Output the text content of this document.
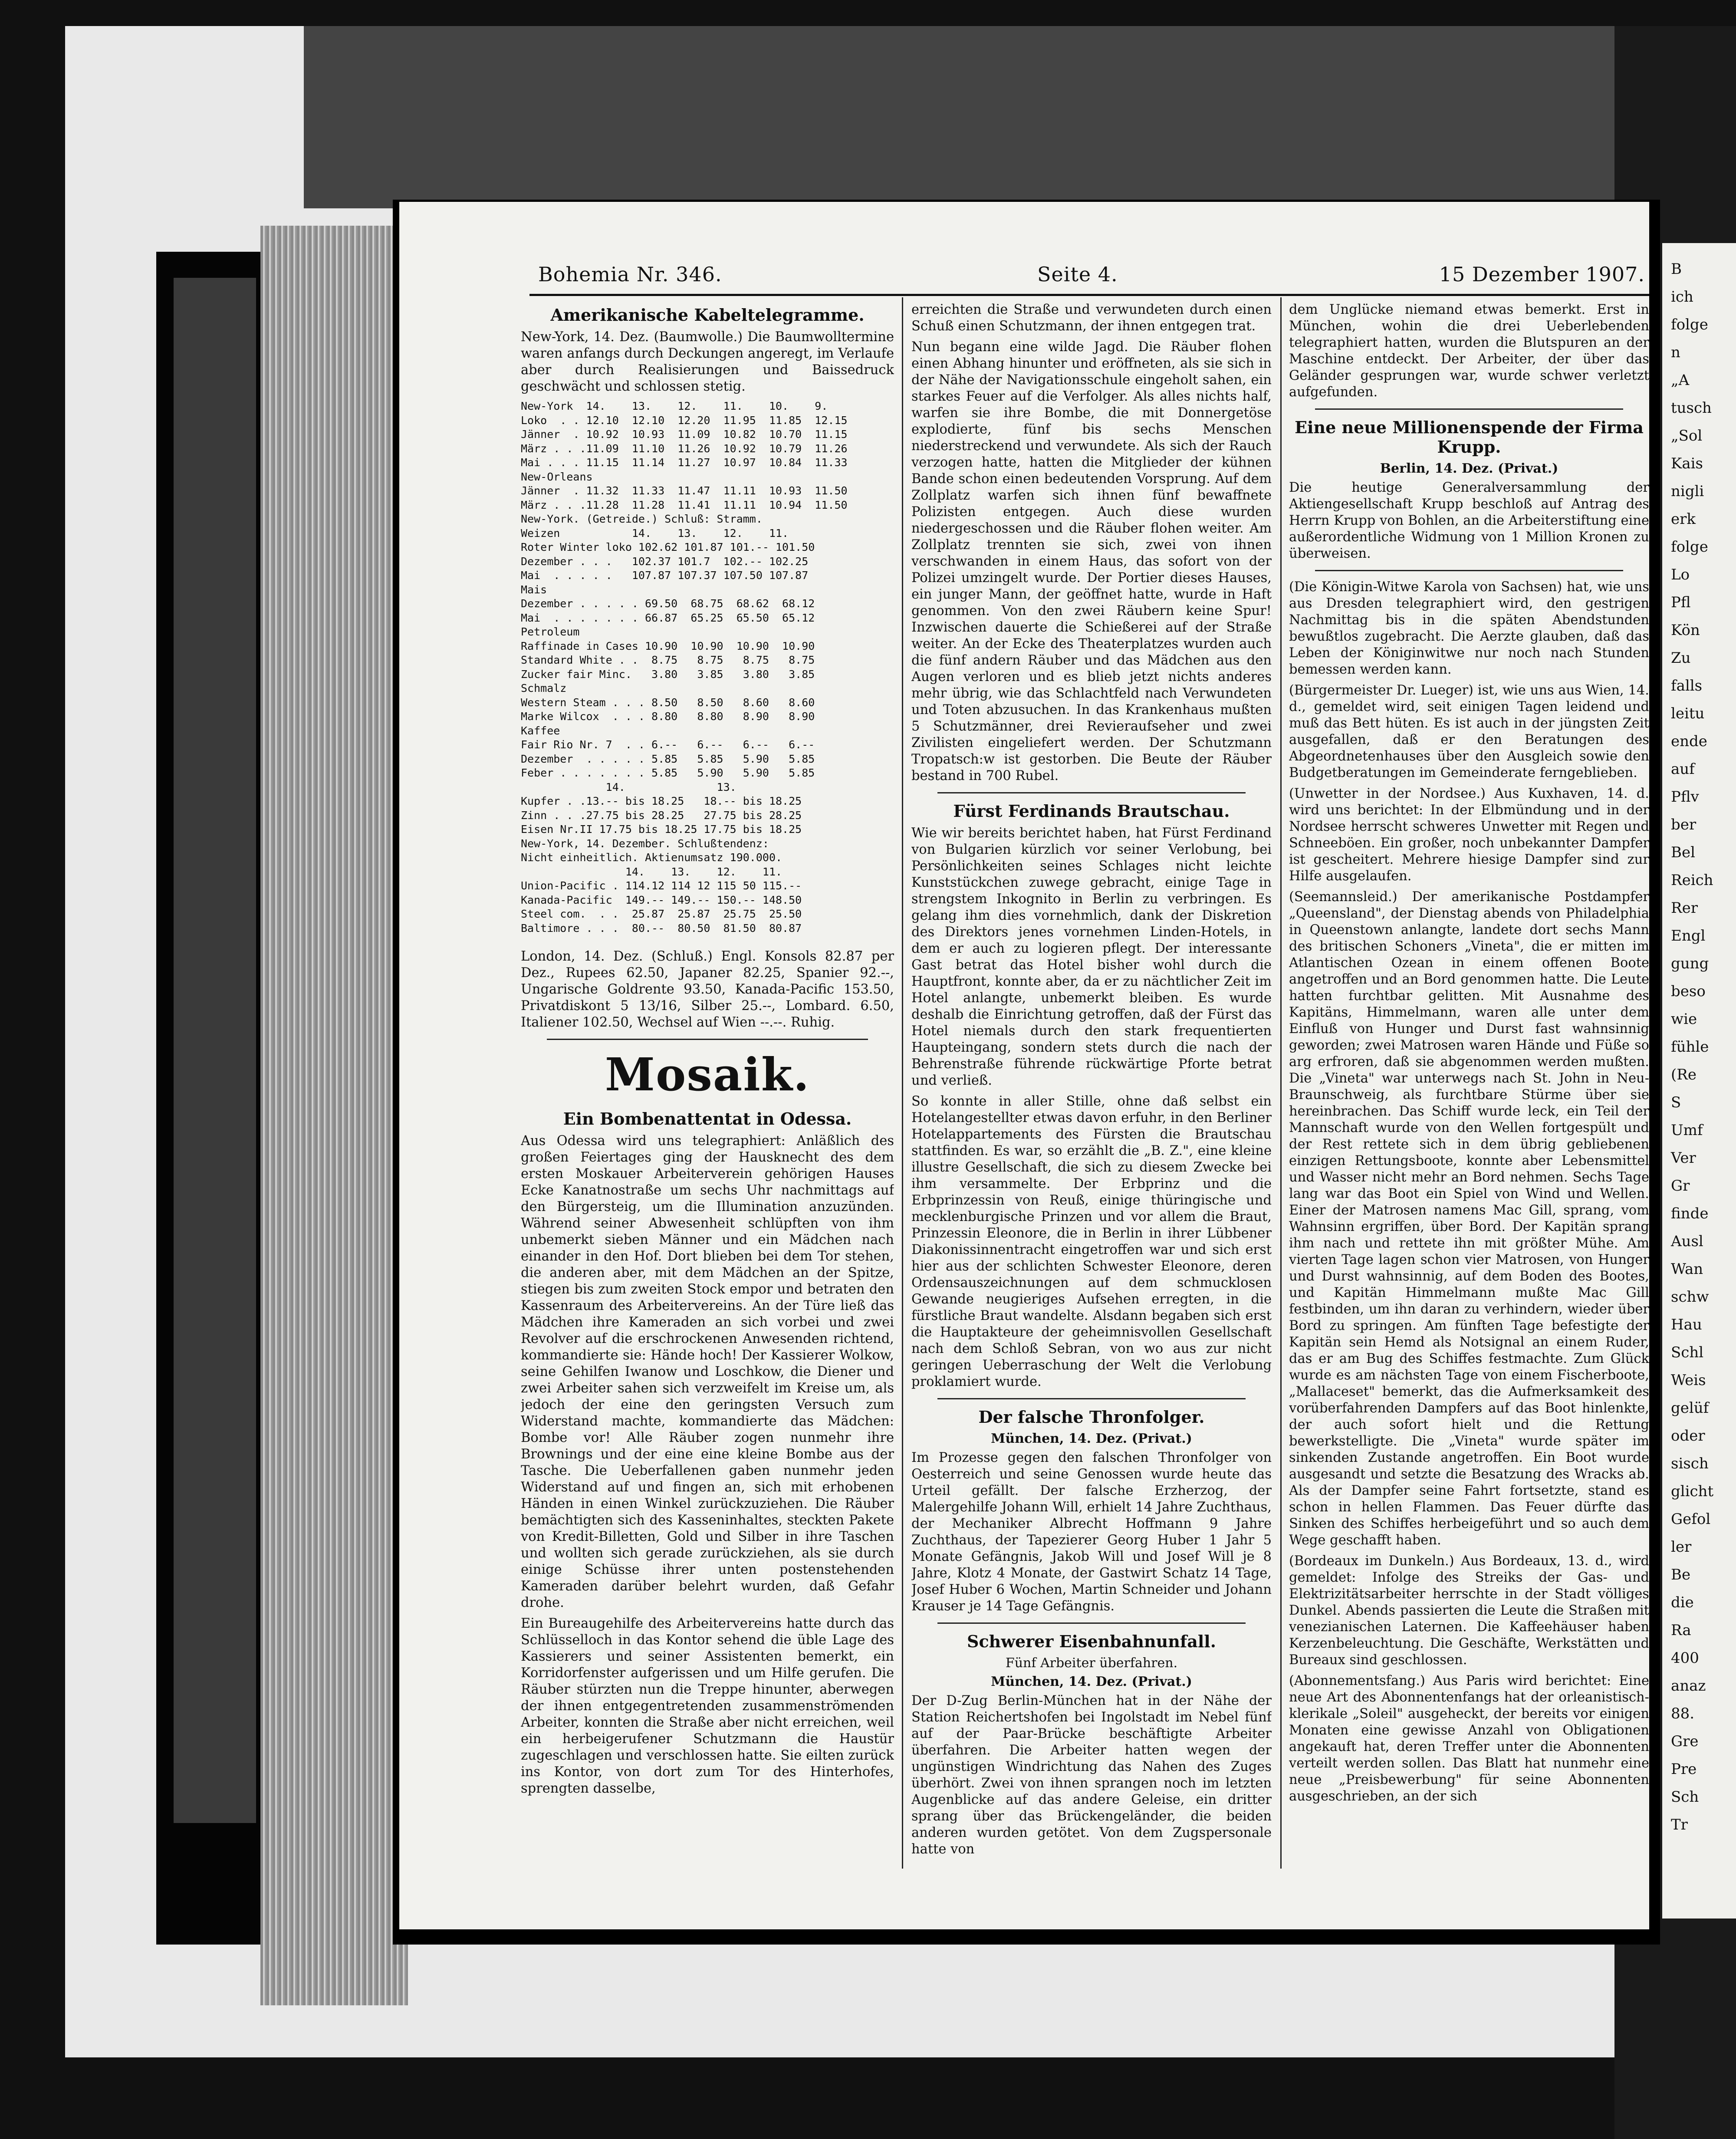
B
ich
folge
n
„A
tusch
„Sol
Kais
nigli
erk
folge
Lo
Pfl
Kön
Zu
falls
leitu
ende
auf
Pflv
ber
Bel
Reich
Rer
Engl
gung
beso
wie
fühle
(Re
S
Umf
Ver
Gr
finde
Ausl
Wan
schw
Hau
Schl
Weis
gelüf
oder
sisch
glicht
Gefol
ler
Be
die
Ra
400
anaz
88.
Gre
Pre
Sch
Tr
Bohemia Nr. 346.	Seite 4.	15 Dezember 1907.
Amerikanische Kabeltelegramme.

New-York, 14. Dez. (Baumwolle.) Die Baumwolltermine waren anfangs durch Deckungen angeregt, im Verlaufe aber durch Realisierungen und Baissedruck geschwächt und schlossen stetig.

New-York  14.    13.    12.    11.    10.    9.
Loko  . . 12.10  12.10  12.20  11.95  11.85  12.15
Jänner  . 10.92  10.93  11.09  10.82  10.70  11.15
März . . .11.09  11.10  11.26  10.92  10.79  11.26
Mai . . . 11.15  11.14  11.27  10.97  10.84  11.33
New-Orleans
Jänner  . 11.32  11.33  11.47  11.11  10.93  11.50
März . . .11.28  11.28  11.41  11.11  10.94  11.50
New-York. (Getreide.) Schluß: Stramm.
Weizen           14.    13.    12.    11.
Roter Winter loko 102.62 101.87 101.-- 101.50
Dezember . . .   102.37 101.7  102.-- 102.25
Mai  . . . . .   107.87 107.37 107.50 107.87
Mais
Dezember . . . . . 69.50  68.75  68.62  68.12
Mai  . . . . . . . 66.87  65.25  65.50  65.12
Petroleum
Raffinade in Cases 10.90  10.90  10.90  10.90
Standard White . .  8.75   8.75   8.75   8.75
Zucker fair Minc.   3.80   3.85   3.80   3.85
Schmalz
Western Steam . . . 8.50   8.50   8.60   8.60
Marke Wilcox  . . . 8.80   8.80   8.90   8.90
Kaffee
Fair Rio Nr. 7  . . 6.--   6.--   6.--   6.--
Dezember  . . . . . 5.85   5.85   5.90   5.85
Feber . . . . . . . 5.85   5.90   5.90   5.85
14.              13.
Kupfer . .13.-- bis 18.25   18.-- bis 18.25
Zinn . . .27.75 bis 28.25   27.75 bis 28.25
Eisen Nr.II 17.75 bis 18.25 17.75 bis 18.25
New-York, 14. Dezember. Schlußtendenz:
Nicht einheitlich. Aktienumsatz 190.000.
14.    13.    12.    11.
Union-Pacific . 114.12 114 12 115 50 115.--
Kanada-Pacific  149.-- 149.-- 150.-- 148.50
Steel com.  . .  25.87  25.87  25.75  25.50
Baltimore . . .  80.--  80.50  81.50  80.87

London, 14. Dez. (Schluß.) Engl. Konsols 82.87 per Dez., Rupees 62.50, Japaner 82.25, Spanier 92.--, Ungarische Goldrente 93.50, Kanada-Pacific 153.50, Privatdiskont 5 13/16, Silber 25.--, Lombard. 6.50, Italiener 102.50, Wechsel auf Wien --.--. Ruhig.

Mosaik.
Ein Bombenattentat in Odessa.

Aus Odessa wird uns telegraphiert: Anläßlich des großen Feiertages ging der Hausknecht des dem ersten Moskauer Arbeiterverein gehörigen Hauses Ecke Kanatnostraße um sechs Uhr nachmittags auf den Bürgersteig, um die Illumination anzuzünden. Während seiner Abwesenheit schlüpften von ihm unbemerkt sieben Männer und ein Mädchen nach einander in den Hof. Dort blieben bei dem Tor stehen, die anderen aber, mit dem Mädchen an der Spitze, stiegen bis zum zweiten Stock empor und betraten den Kassenraum des Arbeitervereins. An der Türe ließ das Mädchen ihre Kameraden an sich vorbei und zwei Revolver auf die erschrockenen Anwesenden richtend, kommandierte sie: Hände hoch! Der Kassierer Wolkow, seine Gehilfen Iwanow und Loschkow, die Diener und zwei Arbeiter sahen sich verzweifelt im Kreise um, als jedoch der eine den geringsten Versuch zum Widerstand machte, kommandierte das Mädchen: Bombe vor! Alle Räuber zogen nunmehr ihre Brownings und der eine eine kleine Bombe aus der Tasche. Die Ueberfallenen gaben nunmehr jeden Widerstand auf und fingen an, sich mit erhobenen Händen in einen Winkel zurückzuziehen. Die Räuber bemächtigten sich des Kasseninhaltes, steckten Pakete von Kredit-Billetten, Gold und Silber in ihre Taschen und wollten sich gerade zurückziehen, als sie durch einige Schüsse ihrer unten postenstehenden Kameraden darüber belehrt wurden, daß Gefahr drohe.

Ein Bureaugehilfe des Arbeitervereins hatte durch das Schlüsselloch in das Kontor sehend die üble Lage des Kassierers und seiner Assistenten bemerkt, ein Korridorfenster aufgerissen und um Hilfe gerufen. Die Räuber stürzten nun die Treppe hinunter, aberwegen der ihnen entgegentretenden zusammenströmenden Arbeiter, konnten die Straße aber nicht erreichen, weil ein herbeigerufener Schutzmann die Haustür zugeschlagen und verschlossen hatte. Sie eilten zurück ins Kontor, von dort zum Tor des Hinterhofes, sprengten dasselbe,

erreichten die Straße und verwundeten durch einen Schuß einen Schutzmann, der ihnen entgegen trat.

Nun begann eine wilde Jagd. Die Räuber flohen einen Abhang hinunter und eröffneten, als sie sich in der Nähe der Navigationsschule eingeholt sahen, ein starkes Feuer auf die Verfolger. Als alles nichts half, warfen sie ihre Bombe, die mit Donnergetöse explodierte, fünf bis sechs Menschen niederstreckend und verwundete. Als sich der Rauch verzogen hatte, hatten die Mitglieder der kühnen Bande schon einen bedeutenden Vorsprung. Auf dem Zollplatz warfen sich ihnen fünf bewaffnete Polizisten entgegen. Auch diese wurden niedergeschossen und die Räuber flohen weiter. Am Zollplatz trennten sie sich, zwei von ihnen verschwanden in einem Haus, das sofort von der Polizei umzingelt wurde. Der Portier dieses Hauses, ein junger Mann, der geöffnet hatte, wurde in Haft genommen. Von den zwei Räubern keine Spur! Inzwischen dauerte die Schießerei auf der Straße weiter. An der Ecke des Theaterplatzes wurden auch die fünf andern Räuber und das Mädchen aus den Augen verloren und es blieb jetzt nichts anderes mehr übrig, wie das Schlachtfeld nach Verwundeten und Toten abzusuchen. In das Krankenhaus mußten 5 Schutzmänner, drei Revieraufseher und zwei Zivilisten eingeliefert werden. Der Schutzmann Tropatsch:w ist gestorben. Die Beute der Räuber bestand in 700 Rubel.

Fürst Ferdinands Brautschau.

Wie wir bereits berichtet haben, hat Fürst Ferdinand von Bulgarien kürzlich vor seiner Verlobung, bei Persönlichkeiten seines Schlages nicht leichte Kunststückchen zuwege gebracht, einige Tage in strengstem Inkognito in Berlin zu verbringen. Es gelang ihm dies vornehmlich, dank der Diskretion des Direktors jenes vornehmen Linden-Hotels, in dem er auch zu logieren pflegt. Der interessante Gast betrat das Hotel bisher wohl durch die Hauptfront, konnte aber, da er zu nächtlicher Zeit im Hotel anlangte, unbemerkt bleiben. Es wurde deshalb die Einrichtung getroffen, daß der Fürst das Hotel niemals durch den stark frequentierten Haupteingang, sondern stets durch die nach der Behrenstraße führende rückwärtige Pforte betrat und verließ.

So konnte in aller Stille, ohne daß selbst ein Hotelangestellter etwas davon erfuhr, in den Berliner Hotelappartements des Fürsten die Brautschau stattfinden. Es war, so erzählt die „B. Z.", eine kleine illustre Gesellschaft, die sich zu diesem Zwecke bei ihm versammelte. Der Erbprinz und die Erbprinzessin von Reuß, einige thüringische und mecklenburgische Prinzen und vor allem die Braut, Prinzessin Eleonore, die in Berlin in ihrer Lübbener Diakonissinnentracht eingetroffen war und sich erst hier aus der schlichten Schwester Eleonore, deren Ordensauszeichnungen auf dem schmucklosen Gewande neugieriges Aufsehen erregten, in die fürstliche Braut wandelte. Alsdann begaben sich erst die Hauptakteure der geheimnisvollen Gesellschaft nach dem Schloß Sebran, von wo aus zur nicht geringen Ueberraschung der Welt die Verlobung proklamiert wurde.

Der falsche Thronfolger.
München, 14. Dez. (Privat.)

Im Prozesse gegen den falschen Thronfolger von Oesterreich und seine Genossen wurde heute das Urteil gefällt. Der falsche Erzherzog, der Malergehilfe Johann Will, erhielt 14 Jahre Zuchthaus, der Mechaniker Albrecht Hoffmann 9 Jahre Zuchthaus, der Tapezierer Georg Huber 1 Jahr 5 Monate Gefängnis, Jakob Will und Josef Will je 8 Jahre, Klotz 4 Monate, der Gastwirt Schatz 14 Tage, Josef Huber 6 Wochen, Martin Schneider und Johann Krauser je 14 Tage Gefängnis.

Schwerer Eisenbahnunfall.
Fünf Arbeiter überfahren.
München, 14. Dez. (Privat.)

Der D-Zug Berlin-München hat in der Nähe der Station Reichertshofen bei Ingolstadt im Nebel fünf auf der Paar-Brücke beschäftigte Arbeiter überfahren. Die Arbeiter hatten wegen der ungünstigen Windrichtung das Nahen des Zuges überhört. Zwei von ihnen sprangen noch im letzten Augenblicke auf das andere Geleise, ein dritter sprang über das Brückengeländer, die beiden anderen wurden getötet. Von dem Zugspersonale hatte von

dem Unglücke niemand etwas bemerkt. Erst in München, wohin die drei Ueberlebenden telegraphiert hatten, wurden die Blutspuren an der Maschine entdeckt. Der Arbeiter, der über das Geländer gesprungen war, wurde schwer verletzt aufgefunden.

Eine neue Millionenspende der Firma Krupp.
Berlin, 14. Dez. (Privat.)

Die heutige Generalversammlung der Aktiengesellschaft Krupp beschloß auf Antrag des Herrn Krupp von Bohlen, an die Arbeiterstiftung eine außerordentliche Widmung von 1 Million Kronen zu überweisen.

(Die Königin-Witwe Karola von Sachsen) hat, wie uns aus Dresden telegraphiert wird, den gestrigen Nachmittag bis in die späten Abendstunden bewußtlos zugebracht. Die Aerzte glauben, daß das Leben der Königinwitwe nur noch nach Stunden bemessen werden kann.

(Bürgermeister Dr. Lueger) ist, wie uns aus Wien, 14. d., gemeldet wird, seit einigen Tagen leidend und muß das Bett hüten. Es ist auch in der jüngsten Zeit ausgefallen, daß er den Beratungen des Abgeordnetenhauses über den Ausgleich sowie den Budgetberatungen im Gemeinderate ferngeblieben.

(Unwetter in der Nordsee.) Aus Kuxhaven, 14. d. wird uns berichtet: In der Elbmündung und in der Nordsee herrscht schweres Unwetter mit Regen und Schneeböen. Ein großer, noch unbekannter Dampfer ist gescheitert. Mehrere hiesige Dampfer sind zur Hilfe ausgelaufen.

(Seemannsleid.) Der amerikanische Postdampfer „Queensland", der Dienstag abends von Philadelphia in Queenstown anlangte, landete dort sechs Mann des britischen Schoners „Vineta", die er mitten im Atlantischen Ozean in einem offenen Boote angetroffen und an Bord genommen hatte. Die Leute hatten furchtbar gelitten. Mit Ausnahme des Kapitäns, Himmelmann, waren alle unter dem Einfluß von Hunger und Durst fast wahnsinnig geworden; zwei Matrosen waren Hände und Füße so arg erfroren, daß sie abgenommen werden mußten. Die „Vineta" war unterwegs nach St. John in Neu-Braunschweig, als furchtbare Stürme über sie hereinbrachen. Das Schiff wurde leck, ein Teil der Mannschaft wurde von den Wellen fortgespült und der Rest rettete sich in dem übrig gebliebenen einzigen Rettungsboote, konnte aber Lebensmittel und Wasser nicht mehr an Bord nehmen. Sechs Tage lang war das Boot ein Spiel von Wind und Wellen. Einer der Matrosen namens Mac Gill, sprang, vom Wahnsinn ergriffen, über Bord. Der Kapitän sprang ihm nach und rettete ihn mit größter Mühe. Am vierten Tage lagen schon vier Matrosen, von Hunger und Durst wahnsinnig, auf dem Boden des Bootes, und Kapitän Himmelmann mußte Mac Gill festbinden, um ihn daran zu verhindern, wieder über Bord zu springen. Am fünften Tage befestigte der Kapitän sein Hemd als Notsignal an einem Ruder, das er am Bug des Schiffes festmachte. Zum Glück wurde es am nächsten Tage von einem Fischerboote, „Mallaceset" bemerkt, das die Aufmerksamkeit des vorüberfahrenden Dampfers auf das Boot hinlenkte, der auch sofort hielt und die Rettung bewerkstelligte. Die „Vineta" wurde später im sinkenden Zustande angetroffen. Ein Boot wurde ausgesandt und setzte die Besatzung des Wracks ab. Als der Dampfer seine Fahrt fortsetzte, stand es schon in hellen Flammen. Das Feuer dürfte das Sinken des Schiffes herbeigeführt und so auch dem Wege geschafft haben.

(Bordeaux im Dunkeln.) Aus Bordeaux, 13. d., wird gemeldet: Infolge des Streiks der Gas- und Elektrizitätsarbeiter herrschte in der Stadt völliges Dunkel. Abends passierten die Leute die Straßen mit venezianischen Laternen. Die Kaffeehäuser haben Kerzenbeleuchtung. Die Geschäfte, Werkstätten und Bureaux sind geschlossen.

(Abonnementsfang.) Aus Paris wird berichtet: Eine neue Art des Abonnentenfangs hat der orleanistisch-klerikale „Soleil" ausgeheckt, der bereits vor einigen Monaten eine gewisse Anzahl von Obligationen angekauft hat, deren Treffer unter die Abonnenten verteilt werden sollen. Das Blatt hat nunmehr eine neue „Preisbewerbung" für seine Abonnenten ausgeschrieben, an der sich
